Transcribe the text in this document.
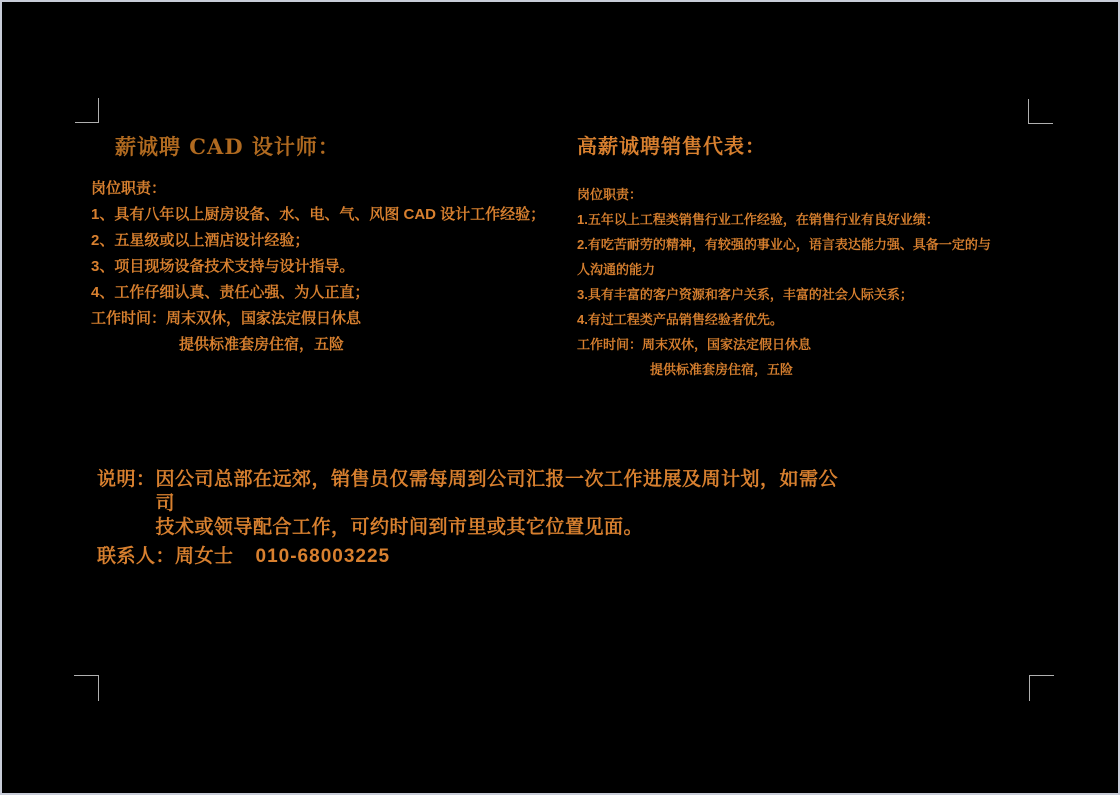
薪诚聘 CAD 设计师：
岗位职责：
1、具有八年以上厨房设备、水、电、气、风图 CAD 设计工作经验；
2、五星级或以上酒店设计经验；
3、项目现场设备技术支持与设计指导。
4、工作仔细认真、责任心强、为人正直；
工作时间：周末双休，国家法定假日休息
提供标准套房住宿，五险
高薪诚聘销售代表：
岗位职责：
1.五年以上工程类销售行业工作经验，在销售行业有良好业绩：
2.有吃苦耐劳的精神，有较强的事业心，语言表达能力强、具备一定的与人沟通的能力
3.具有丰富的客户资源和客户关系，丰富的社会人际关系；
4.有过工程类产品销售经验者优先。
工作时间：周末双休，国家法定假日休息
提供标准套房住宿，五险
说明： 因公司总部在远郊，销售员仅需每周到公司汇报一次工作进展及周计划，如需公司
技术或领导配合工作，可约时间到市里或其它位置见面。
联系人：周女士 010-68003225
